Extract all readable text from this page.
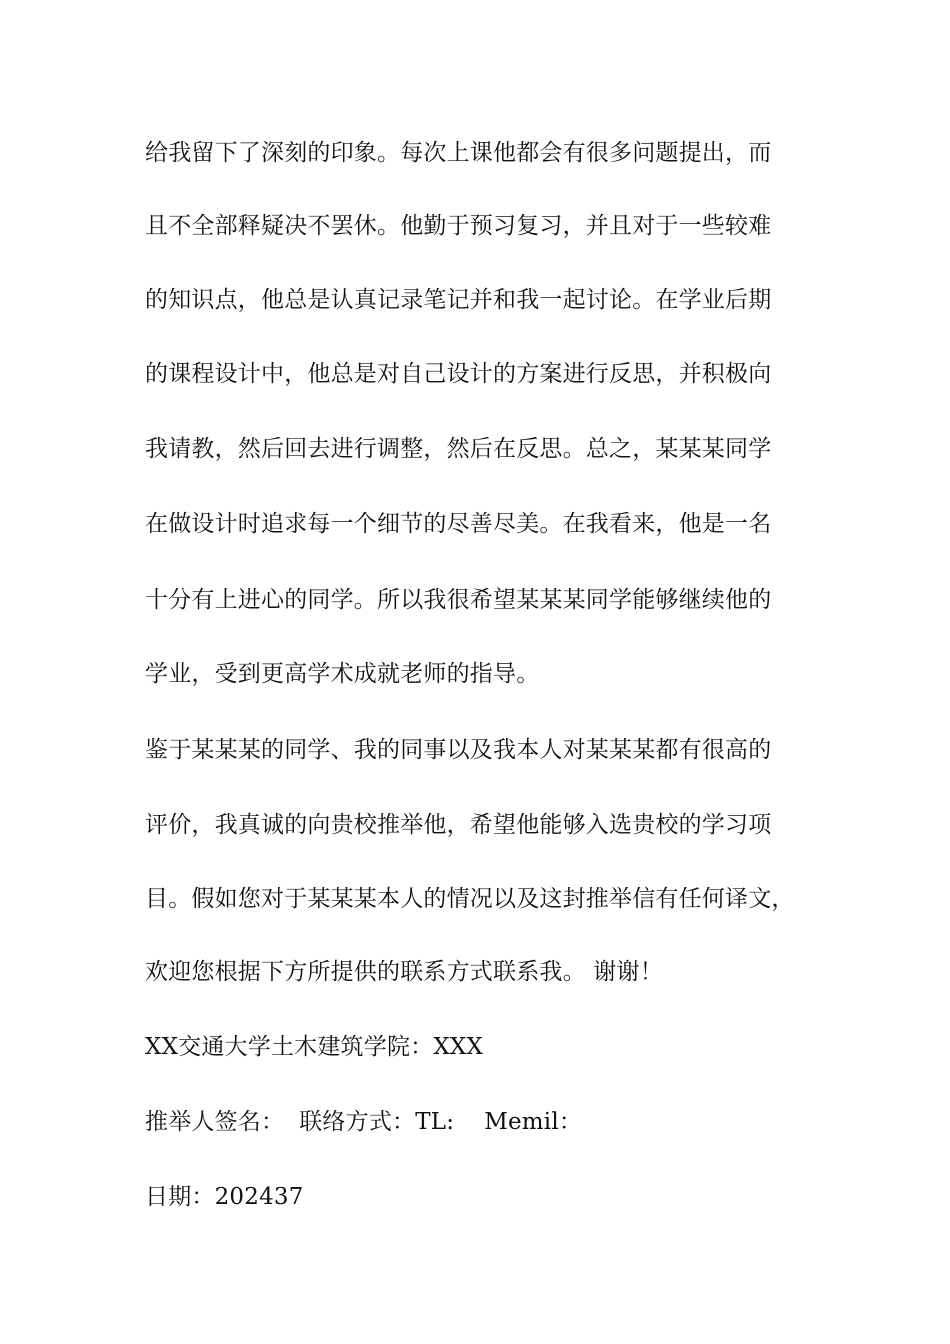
给我留下了深刻的印象。每次上课他都会有很多问题提出，而
且不全部释疑决不罢休。他勤于预习复习，并且对于一些较难
的知识点，他总是认真记录笔记并和我一起讨论。在学业后期
的课程设计中，他总是对自己设计的方案进行反思，并积极向
我请教，然后回去进行调整，然后在反思。总之，某某某同学
在做设计时追求每一个细节的尽善尽美。在我看来，他是一名
十分有上进心的同学。所以我很希望某某某同学能够继续他的
学业，受到更高学术成就老师的指导。
鉴于某某某的同学、我的同事以及我本人对某某某都有很高的
评价，我真诚的向贵校推举他，希望他能够入选贵校的学习项
目。假如您对于某某某本人的情况以及这封推举信有任何译文，
欢迎您根据下方所提供的联系方式联系我。 谢谢！
XX交通大学土木建筑学院：XXX
推举人签名：  联络方式：TL:    Memil：
日期：202437
